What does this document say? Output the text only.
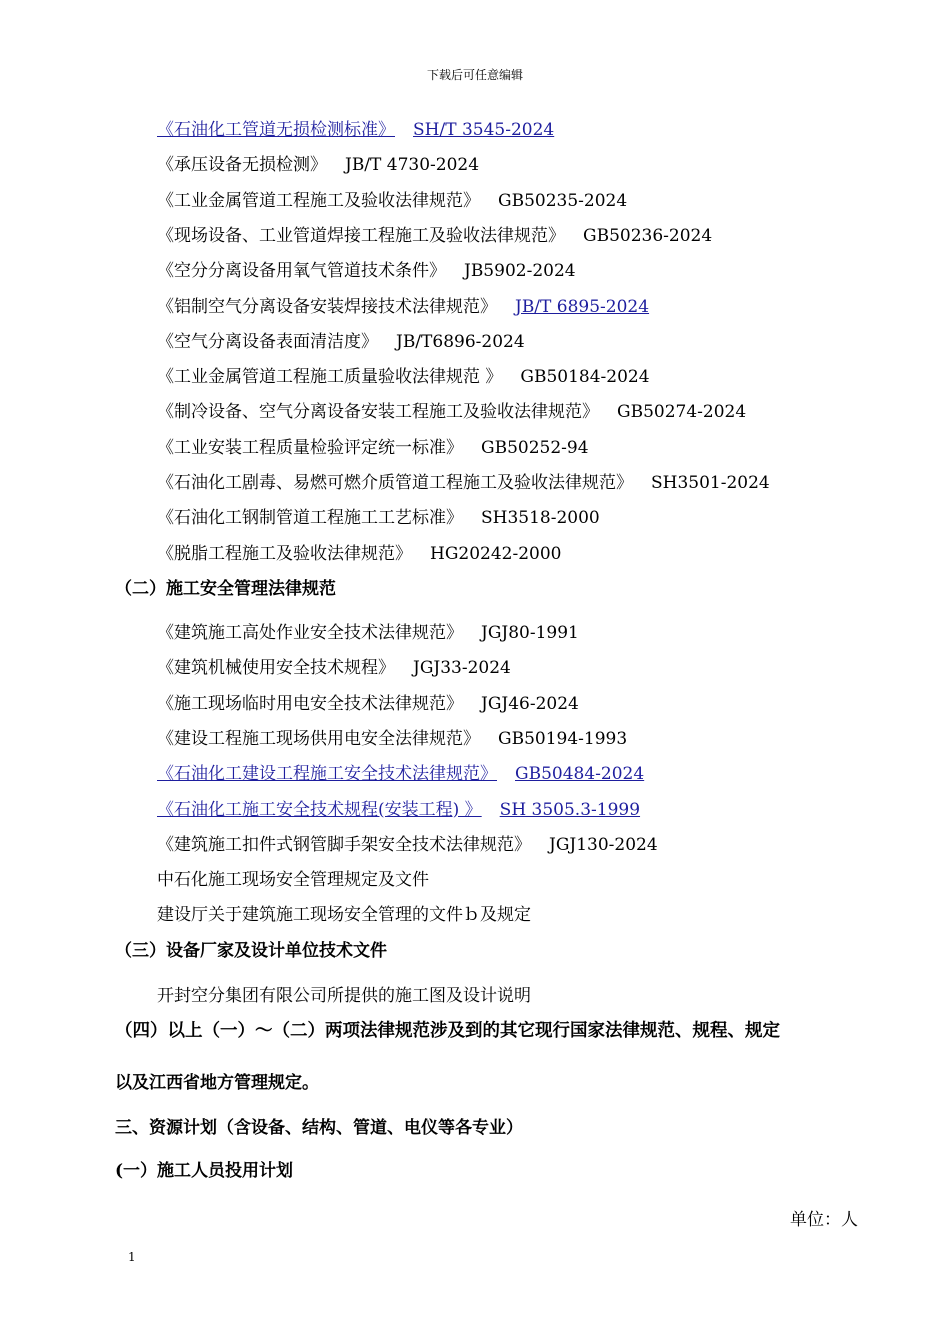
下载后可任意编辑
《石油化工管道无损检测标准》 SH/T 3545-2024
《承压设备无损检测》 JB/T 4730-2024
《工业金属管道工程施工及验收法律规范》 GB50235-2024
《现场设备、工业管道焊接工程施工及验收法律规范》 GB50236-2024
《空分分离设备用氧气管道技术条件》 JB5902-2024
《铝制空气分离设备安装焊接技术法律规范》 JB/T 6895-2024
《空气分离设备表面清洁度》 JB/T6896-2024
《工业金属管道工程施工质量验收法律规范 》 GB50184-2024
《制冷设备、空气分离设备安装工程施工及验收法律规范》 GB50274-2024
《工业安装工程质量检验评定统一标准》 GB50252-94
《石油化工剧毒、易燃可燃介质管道工程施工及验收法律规范》 SH3501-2024
《石油化工钢制管道工程施工工艺标准》 SH3518-2000
《脱脂工程施工及验收法律规范》 HG20242-2000
（二）施工安全管理法律规范
《建筑施工高处作业安全技术法律规范》 JGJ80-1991
《建筑机械使用安全技术规程》 JGJ33-2024
《施工现场临时用电安全技术法律规范》 JGJ46-2024
《建设工程施工现场供用电安全法律规范》 GB50194-1993
《石油化工建设工程施工安全技术法律规范》 GB50484-2024
《石油化工施工安全技术规程(安装工程) 》 SH 3505.3-1999
《建筑施工扣件式钢管脚手架安全技术法律规范》 JGJ130-2024
中石化施工现场安全管理规定及文件
建设厅关于建筑施工现场安全管理的文件ｂ及规定
（三）设备厂家及设计单位技术文件
开封空分集团有限公司所提供的施工图及设计说明
（四）以上（一）～（二）两项法律规范涉及到的其它现行国家法律规范、规程、规定
以及江西省地方管理规定。
三、资源计划（含设备、结构、管道、电仪等各专业）
(一）施工人员投用计划
单位：人
1
